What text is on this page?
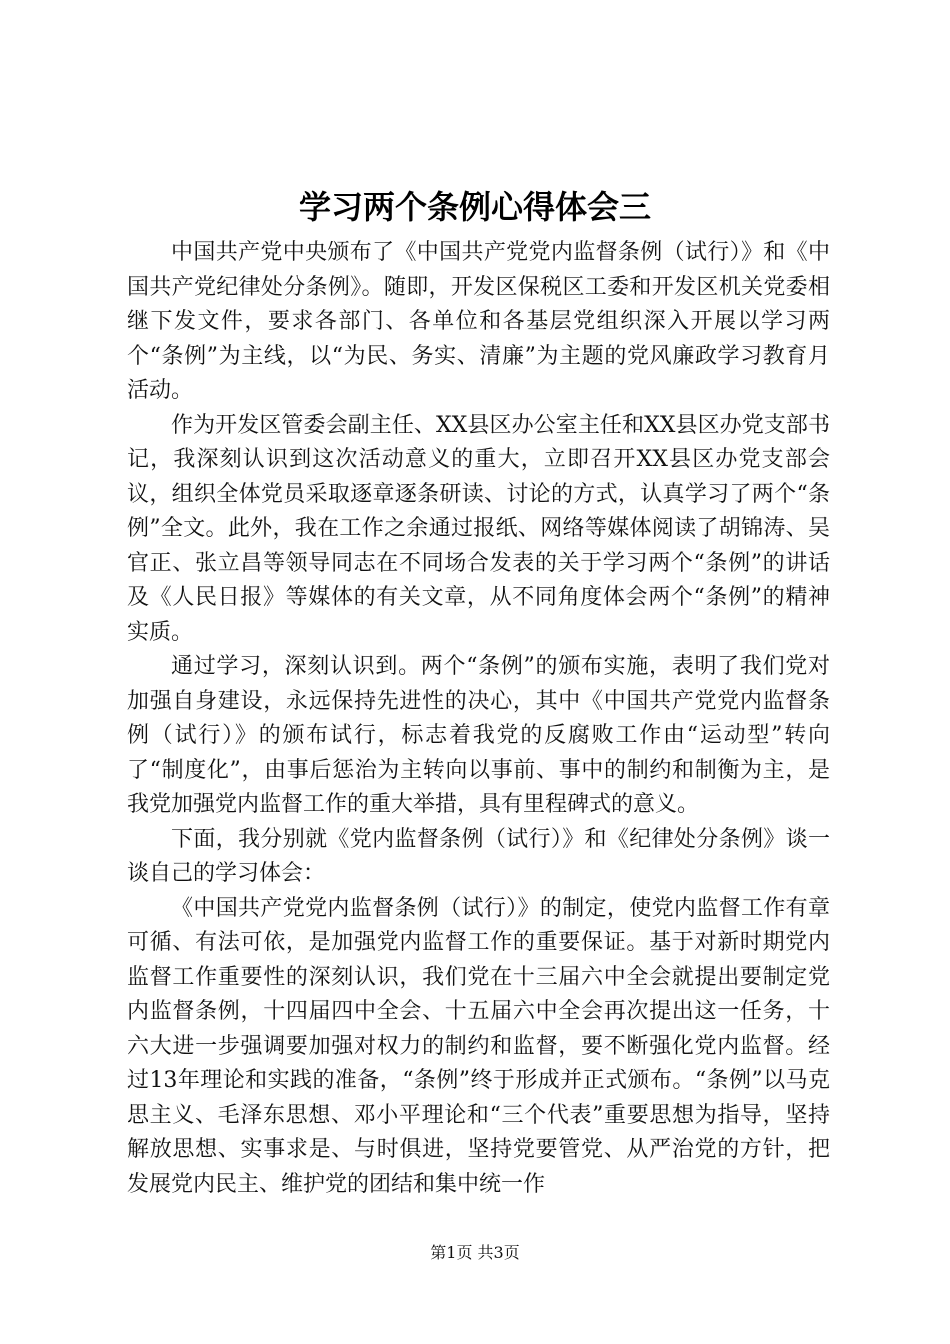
学习两个条例心得体会三

中国共产党中央颁布了《中国共产党党内监督条例（试行）》和《中国共产党纪律处分条例》。随即，开发区保税区工委和开发区机关党委相继下发文件，要求各部门、各单位和各基层党组织深入开展以学习两个“条例”为主线，以“为民、务实、清廉”为主题的党风廉政学习教育月活动。

作为开发区管委会副主任、XX县区办公室主任和XX县区办党支部书记，我深刻认识到这次活动意义的重大，立即召开XX县区办党支部会议，组织全体党员采取逐章逐条研读、讨论的方式，认真学习了两个“条例”全文。此外，我在工作之余通过报纸、网络等媒体阅读了胡锦涛、吴官正、张立昌等领导同志在不同场合发表的关于学习两个“条例”的讲话及《人民日报》等媒体的有关文章，从不同角度体会两个“条例”的精神实质。

通过学习，深刻认识到。两个“条例”的颁布实施，表明了我们党对加强自身建设，永远保持先进性的决心，其中《中国共产党党内监督条例（试行）》的颁布试行，标志着我党的反腐败工作由“运动型”转向了“制度化”，由事后惩治为主转向以事前、事中的制约和制衡为主，是我党加强党内监督工作的重大举措，具有里程碑式的意义。

下面，我分别就《党内监督条例（试行）》和《纪律处分条例》谈一谈自己的学习体会：

《中国共产党党内监督条例（试行）》的制定，使党内监督工作有章可循、有法可依，是加强党内监督工作的重要保证。基于对新时期党内监督工作重要性的深刻认识，我们党在十三届六中全会就提出要制定党内监督条例，十四届四中全会、十五届六中全会再次提出这一任务，十六大进一步强调要加强对权力的制约和监督，要不断强化党内监督。经过13年理论和实践的准备，“条例”终于形成并正式颁布。“条例”以马克思主义、毛泽东思想、邓小平理论和“三个代表”重要思想为指导，坚持解放思想、实事求是、与时俱进，坚持党要管党、从严治党的方针，把发展党内民主、维护党的团结和集中统一作

第1页 共3页
